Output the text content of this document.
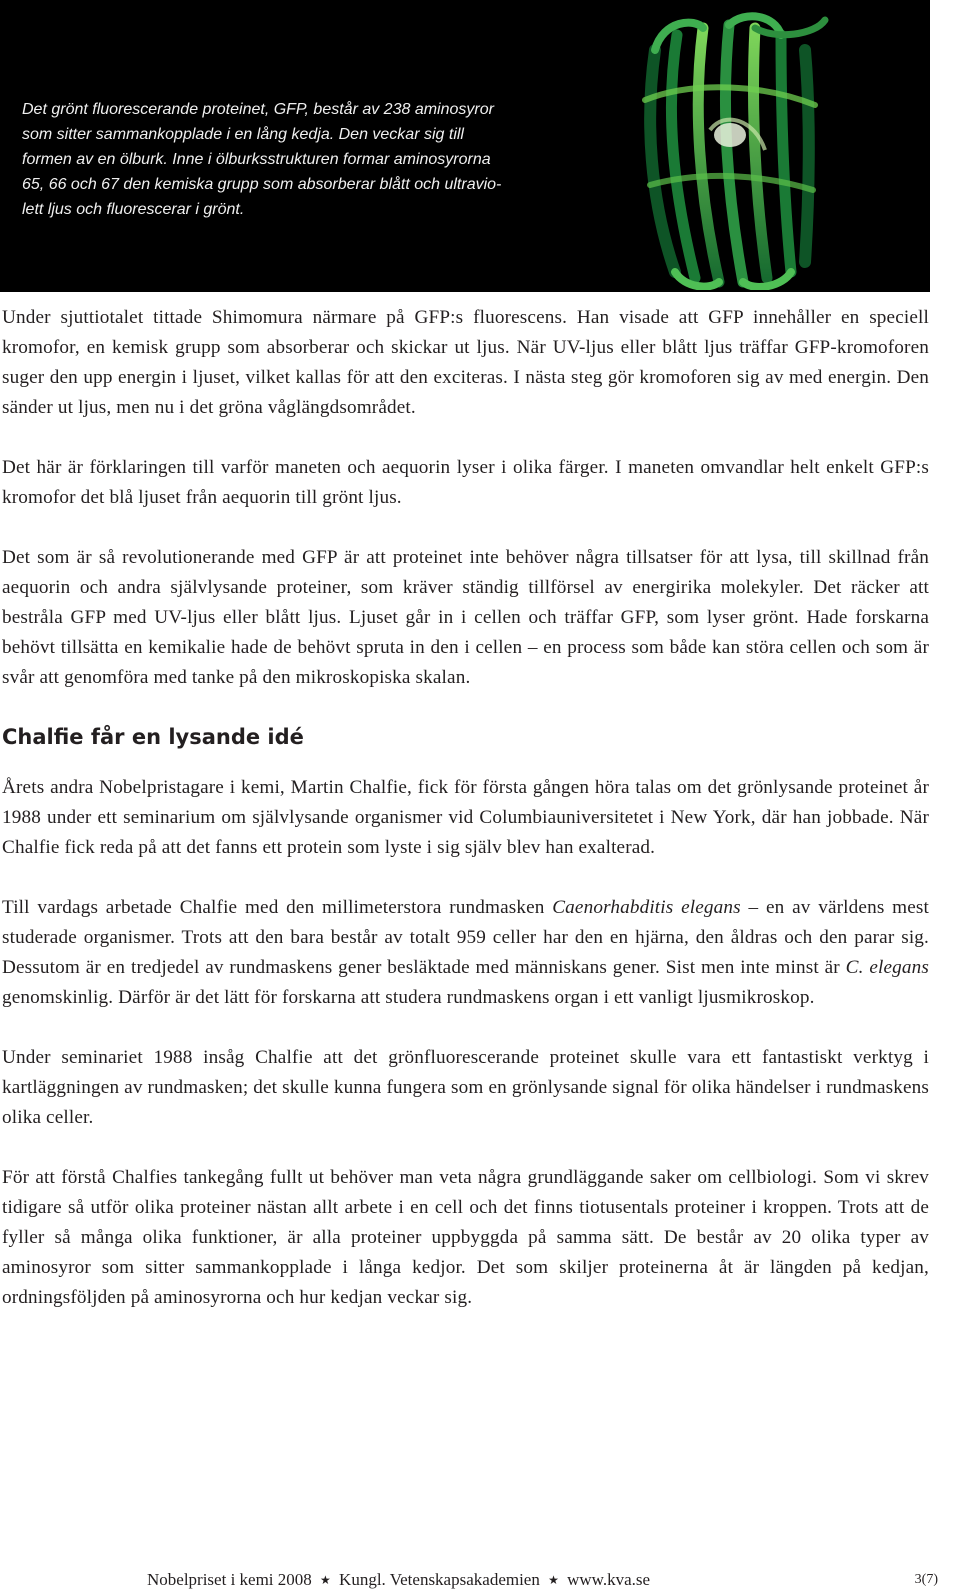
Det grönt fluorescerande proteinet, GFP, består av 238 aminosyror
som sitter sammankopplade i en lång kedja. Den veckar sig till
formen av en ölburk. Inne i ölburksstrukturen formar aminosyrorna
65, 66 och 67 den kemiska grupp som absorberar blått och ultravio-
lett ljus och fluorescerar i grönt.

Under sjuttiotalet tittade Shimomura närmare på GFP:s fluorescens. Han visade att GFP innehåller en speciell kromofor, en kemisk grupp som absorberar och skickar ut ljus. När UV-ljus eller blått ljus träffar GFP-kromoforen suger den upp energin i ljuset, vilket kallas för att den exciteras. I nästa steg gör kromoforen sig av med energin. Den sänder ut ljus, men nu i det gröna våglängdsområdet.

Det här är förklaringen till varför maneten och aequorin lyser i olika färger. I maneten omvandlar helt enkelt GFP:s kromofor det blå ljuset från aequorin till grönt ljus.

Det som är så revolutionerande med GFP är att proteinet inte behöver några tillsatser för att lysa, till skillnad från aequorin och andra självlysande proteiner, som kräver ständig tillförsel av energirika molekyler. Det räcker att bestråla GFP med UV-ljus eller blått ljus. Ljuset går in i cellen och träffar GFP, som lyser grönt. Hade forskarna behövt tillsätta en kemikalie hade de behövt spruta in den i cellen – en process som både kan störa cellen och som är svår att genomföra med tanke på den mikroskopiska skalan.

Chalfie får en lysande idé

Årets andra Nobelpristagare i kemi, Martin Chalfie, fick för första gången höra talas om det grönlysande proteinet år 1988 under ett seminarium om självlysande organismer vid Columbiauniversitetet i New York, där han jobbade. När Chalfie fick reda på att det fanns ett protein som lyste i sig själv blev han exalterad.

Till vardags arbetade Chalfie med den millimeterstora rundmasken Caenorhabditis elegans – en av världens mest studerade organismer. Trots att den bara består av totalt 959 celler har den en hjärna, den åldras och den parar sig. Dessutom är en tredjedel av rundmaskens gener besläktade med människans gener. Sist men inte minst är C. elegans genomskinlig. Därför är det lätt för forskarna att studera rundmaskens organ i ett vanligt ljusmikroskop.

Under seminariet 1988 insåg Chalfie att det grönfluorescerande proteinet skulle vara ett fantastiskt verktyg i kartläggningen av rundmasken; det skulle kunna fungera som en grönlysande signal för olika händelser i rundmaskens olika celler.

För att förstå Chalfies tankegång fullt ut behöver man veta några grundläggande saker om cellbiologi. Som vi skrev tidigare så utför olika proteiner nästan allt arbete i en cell och det finns tiotusentals proteiner i kroppen. Trots att de fyller så många olika funktioner, är alla proteiner uppbyggda på samma sätt. De består av 20 olika typer av aminosyror som sitter sammankopplade i långa kedjor. Det som skiljer proteinerna åt är längden på kedjan, ordningsföljden på aminosyrorna och hur kedjan veckar sig.

Nobelpriset i kemi 2008 ★ Kungl. Vetenskapsakademien ★ www.kva.se	3(7)
